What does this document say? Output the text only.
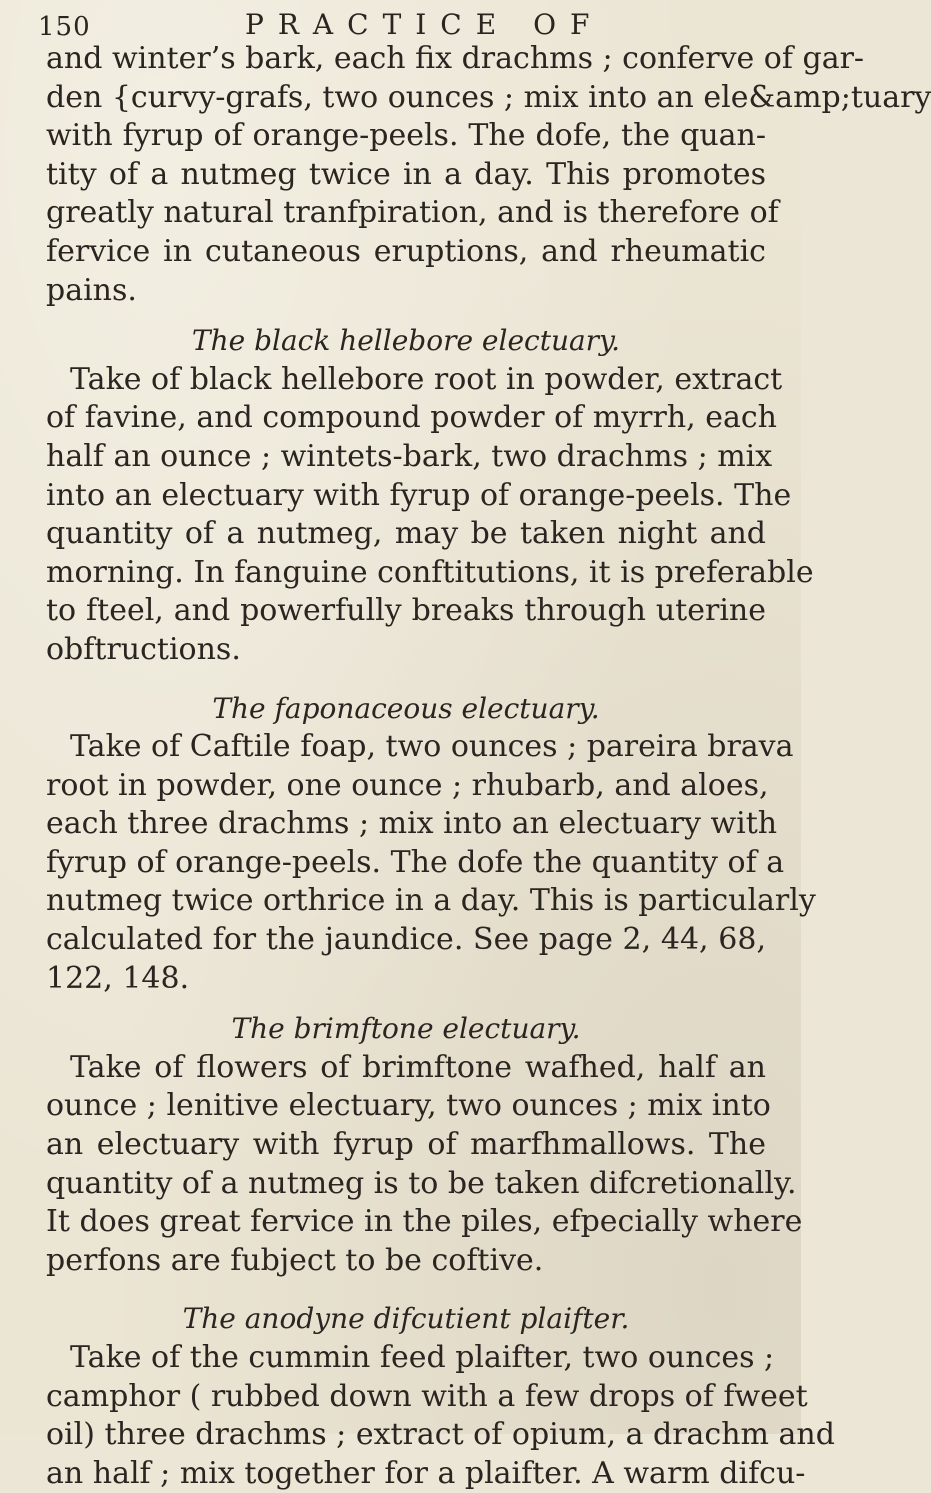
150	PRACTICE OF
and winter’s bark, each fix drachms ; conferve of gar-
den {curvy-grafs, two ounces ; mix into an ele&amp;tuary
with fyrup of orange-peels. The dofe, the quan-
tity of a nutmeg twice in a day. This promotes
greatly natural tranfpiration, and is therefore of
fervice in cutaneous eruptions, and rheumatic
pains.
The black hellebore electuary.
Take of black hellebore root in powder, extract
of favine, and compound powder of myrrh, each
half an ounce ; wintets-bark, two drachms ; mix
into an electuary with fyrup of orange-peels. The
quantity of a nutmeg, may be taken night and
morning. In fanguine conftitutions, it is preferable
to fteel, and powerfully breaks through uterine
obftructions.
The faponaceous electuary.
Take of Caftile foap, two ounces ; pareira brava
root in powder, one ounce ; rhubarb, and aloes,
each three drachms ; mix into an electuary with
fyrup of orange-peels. The dofe the quantity of a
nutmeg twice orthrice in a day. This is particularly
calculated for the jaundice. See page 2, 44, 68,
122, 148.
The brimftone electuary.
Take of flowers of brimftone wafhed, half an
ounce ; lenitive electuary, two ounces ; mix into
an electuary with fyrup of marfhmallows. The
quantity of a nutmeg is to be taken difcretionally.
It does great fervice in the piles, efpecially where
perfons are fubject to be coftive.
The anodyne difcutient plaifter.
Take of the cummin feed plaifter, two ounces ;
camphor ( rubbed down with a few drops of fweet
oil) three drachms ; extract of opium, a drachm and
an half ; mix together for a plaifter. A warm difcu-
